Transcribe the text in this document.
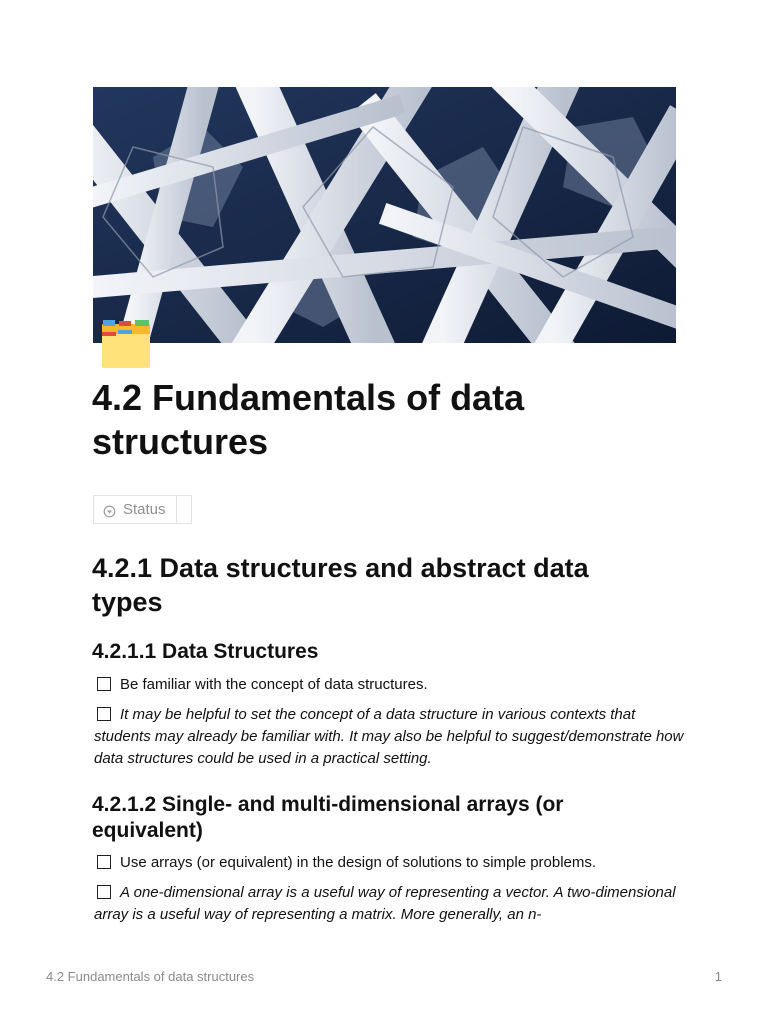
4.2 Fundamentals of data structures
Status
4.2.1 Data structures and abstract data types
4.2.1.1 Data Structures
Be familiar with the concept of data structures.
It may be helpful to set the concept of a data structure in various contexts that students may already be familiar with. It may also be helpful to suggest/demonstrate how data structures could be used in a practical setting.
4.2.1.2 Single- and multi-dimensional arrays (or equivalent)
Use arrays (or equivalent) in the design of solutions to simple problems.
A one-dimensional array is a useful way of representing a vector. A two-dimensional array is a useful way of representing a matrix. More generally, an n-
4.2 Fundamentals of data structures	1
